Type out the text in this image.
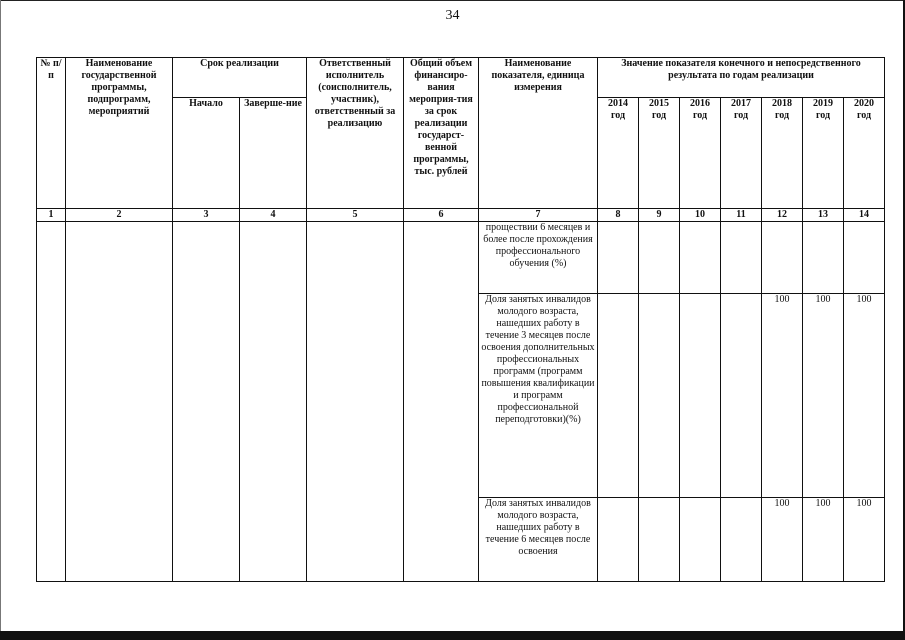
34
№ п/п	Наименование государственной программы, подпрограмм, мероприятий	Срок реализации		Ответственный исполнитель (соисполнитель, участник), ответственный за реализацию	Общий объем финансиро-вания мероприя-тия за срок реализации государст-венной программы, тыс. рублей	Наименование показателя, единица измерения	Значение показателя конечного и непосредственного результата по годам реализации						
		Начало	Заверше-ние				2014 год	2015 год	2016 год	2017 год	2018 год	2019 год	2020 год
1	2	3	4	5	6	7	8	9	10	11	12	13	14
						проществии 6 месяцев и более после прохождения профессионального обучения (%)							
						Доля занятых инвалидов молодого возраста, нашедших работу в течение 3 месяцев после освоения дополнительных профессиональных программ (программ повышения квалификации и программ профессиональной переподготовки)(%)					100	100	100
						Доля занятых инвалидов молодого возраста, нашедших работу в течение 6 месяцев после освоения					100	100	100
